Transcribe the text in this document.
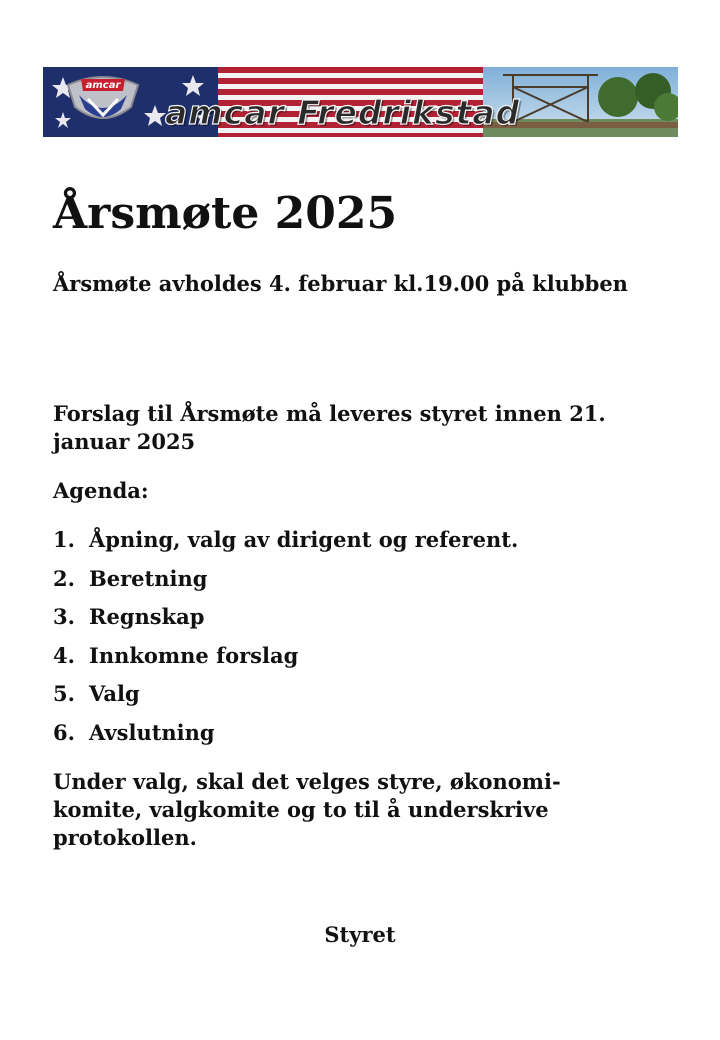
amcar
amcar Fredrikstad
Årsmøte 2025

Årsmøte avholdes 4. februar kl.19.00 på klubben

Forslag til Årsmøte må leveres styret innen 21. januar 2025

Agenda:
1. Åpning, valg av dirigent og referent.
2. Beretning
3. Regnskap
4. Innkomne forslag
5. Valg
6. Avslutning

Under valg, skal det velges styre, økonomi-komite, valgkomite og to til å underskrive protokollen.

Styret
